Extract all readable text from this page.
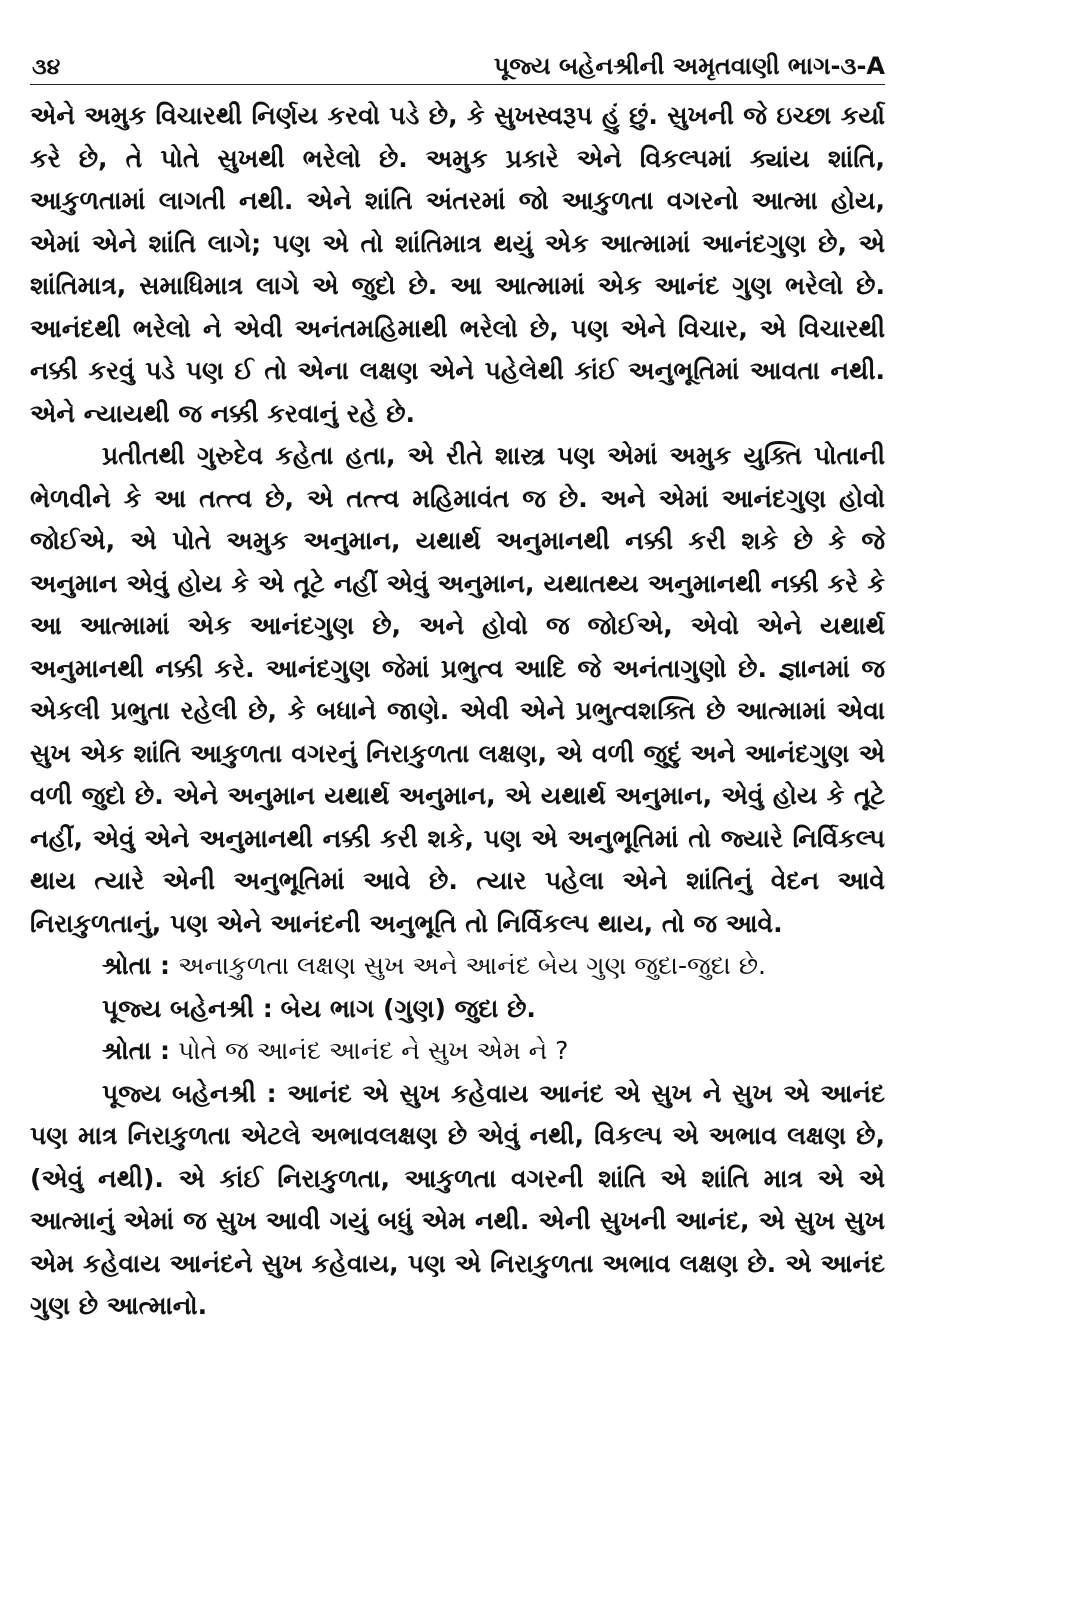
૩૪	પૂજ્ય બહેનશ્રીની અમૃતવાણી ભાગ-૩-A

એને અમુક વિચારથી નિર્ણય કરવો પડે છે, કે સુખસ્વરૂપ હું છું. સુખની જે ઇચ્છા કર્યા કરે છે, તે પોતે સુખથી ભરેલો છે. અમુક પ્રકારે એને વિકલ્પમાં ક્યાંય શાંતિ, આકુળતામાં લાગતી નથી. એને શાંતિ અંતરમાં જો આકુળતા વગરનો આત્મા હોય, એમાં એને શાંતિ લાગે; પણ એ તો શાંતિમાત્ર થયું એક આત્મામાં આનંદગુણ છે, એ શાંતિમાત્ર, સમાધિમાત્ર લાગે એ જુદો છે. આ આત્મામાં એક આનંદ ગુણ ભરેલો છે. આનંદથી ભરેલો ને એવી અનંતમહિમાથી ભરેલો છે, પણ એને વિચાર, એ વિચારથી નક્કી કરવું પડે પણ ઈ તો એના લક્ષણ એને પહેલેથી કાંઈ અનુભૂતિમાં આવતા નથી. એને ન્યાયથી જ નક્કી કરવાનું રહે છે.

પ્રતીતથી ગુરુદેવ કહેતા હતા, એ રીતે શાસ્ત્ર પણ એમાં અમુક યુક્તિ પોતાની ભેળવીને કે આ તત્ત્વ છે, એ તત્ત્વ મહિમાવંત જ છે. અને એમાં આનંદગુણ હોવો જોઈએ, એ પોતે અમુક અનુમાન, યથાર્થ અનુમાનથી નક્કી કરી શકે છે કે જે અનુમાન એવું હોય કે એ તૂટે નહીં એવું અનુમાન, યથાતથ્ય અનુમાનથી નક્કી કરે કે આ આત્મામાં એક આનંદગુણ છે, અને હોવો જ જોઈએ, એવો એને યથાર્થ અનુમાનથી નક્કી કરે. આનંદગુણ જેમાં પ્રભુત્વ આદિ જે અનંતાગુણો છે. જ્ઞાનમાં જ એકલી પ્રભુતા રહેલી છે, કે બધાને જાણે. એવી એને પ્રભુત્વશક્તિ છે આત્મામાં એવા સુખ એક શાંતિ આકુળતા વગરનું નિરાકુળતા લક્ષણ, એ વળી જુદું અને આનંદગુણ એ વળી જુદો છે. એને અનુમાન યથાર્થ અનુમાન, એ યથાર્થ અનુમાન, એવું હોય કે તૂટે નહીં, એવું એને અનુમાનથી નક્કી કરી શકે, પણ એ અનુભૂતિમાં તો જ્યારે નિર્વિકલ્પ થાય ત્યારે એની અનુભૂતિમાં આવે છે. ત્યાર પહેલા એને શાંતિનું વેદન આવે નિરાકુળતાનું, પણ એને આનંદની અનુભૂતિ તો નિર્વિકલ્પ થાય, તો જ આવે.

શ્રોતા : અનાકુળતા લક્ષણ સુખ અને આનંદ બેય ગુણ જુદા-જુદા છે.

પૂજ્ય બહેનશ્રી : બેય ભાગ (ગુણ) જુદા છે.

શ્રોતા : પોતે જ આનંદ આનંદ ને સુખ એમ ને ?

પૂજ્ય બહેનશ્રી : આનંદ એ સુખ કહેવાય આનંદ એ સુખ ને સુખ એ આનંદ પણ માત્ર નિરાકુળતા એટલે અભાવલક્ષણ છે એવું નથી, વિકલ્પ એ અભાવ લક્ષણ છે, (એવું નથી). એ કાંઈ નિરાકુળતા, આકુળતા વગરની શાંતિ એ શાંતિ માત્ર એ એ આત્માનું એમાં જ સુખ આવી ગયું બધું એમ નથી. એની સુખની આનંદ, એ સુખ સુખ એમ કહેવાય આનંદને સુખ કહેવાય, પણ એ નિરાકુળતા અભાવ લક્ષણ છે. એ આનંદ ગુણ છે આત્માનો.
